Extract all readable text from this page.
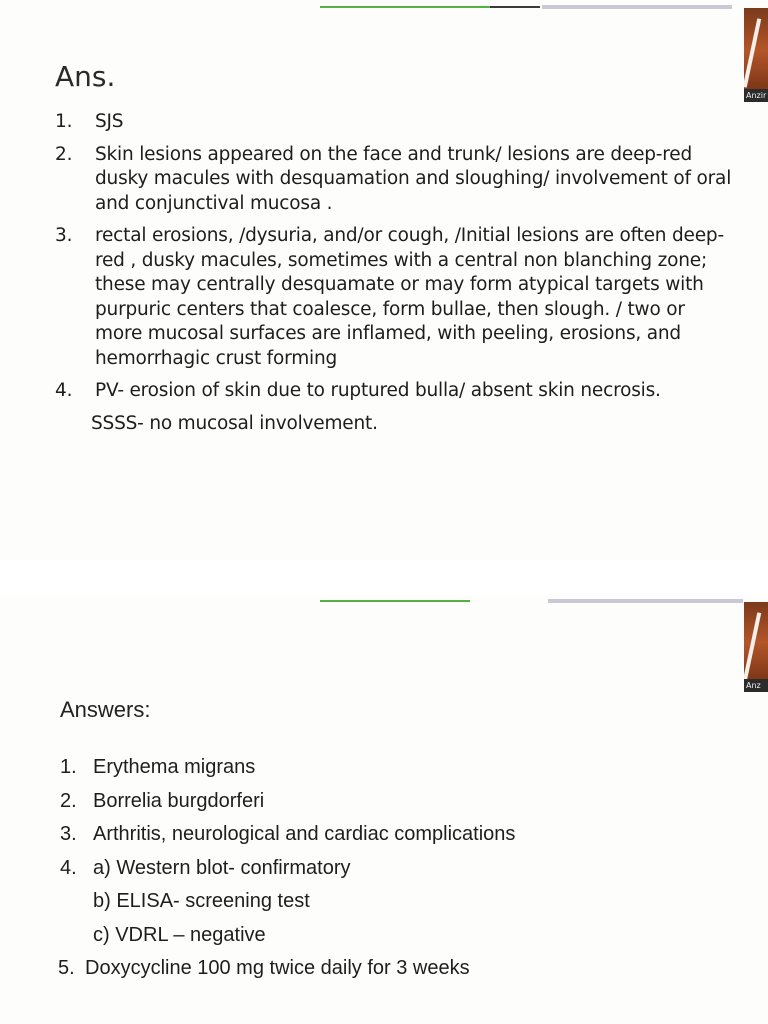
Anzir
Ans.
1. SJS
2. Skin lesions appeared on the face and trunk/ lesions are deep-red dusky macules with desquamation and sloughing/ involvement of oral and conjunctival mucosa .
3. rectal erosions, /dysuria, and/or cough, /Initial lesions are often deep-red , dusky macules, sometimes with a central non blanching zone; these may centrally desquamate or may form atypical targets with purpuric centers that coalesce, form bullae, then slough. / two or more mucosal surfaces are inflamed, with peeling, erosions, and hemorrhagic crust forming
4. PV- erosion of skin due to ruptured bulla/ absent skin necrosis.
SSSS- no mucosal involvement.
Anz
Answers:
1. Erythema migrans
2. Borrelia burgdorferi
3. Arthritis, neurological and cardiac complications
4. a) Western blot- confirmatory
b) ELISA- screening test
c) VDRL – negative
5. Doxycycline 100 mg twice daily for 3 weeks
